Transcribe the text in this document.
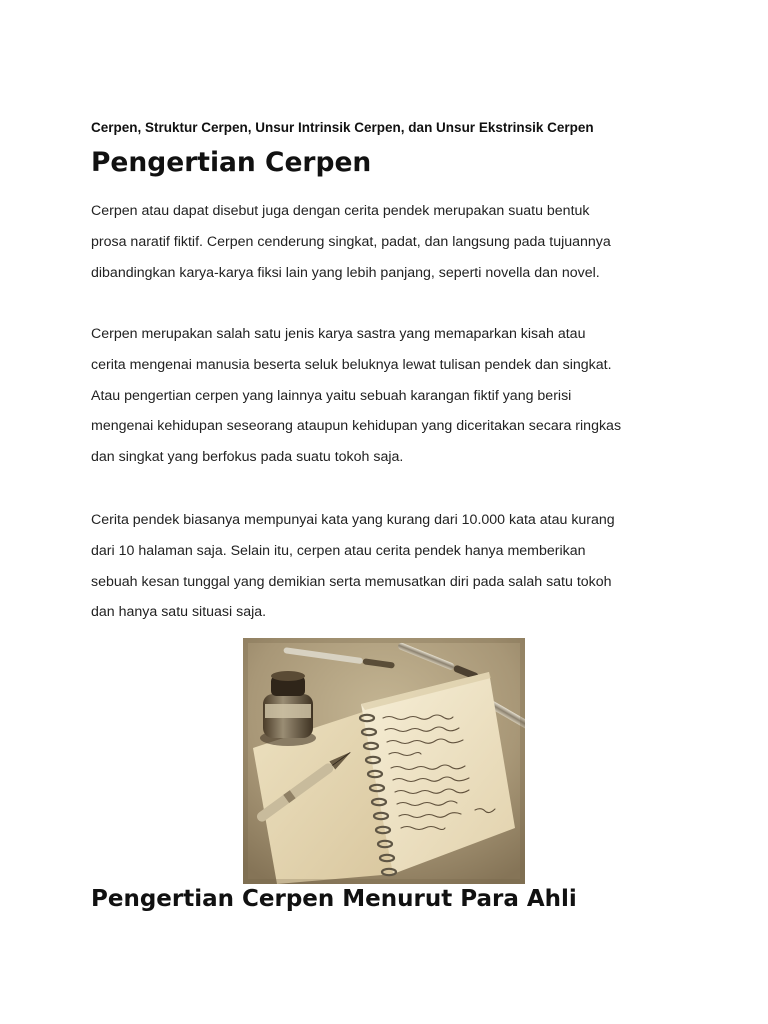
Cerpen, Struktur Cerpen, Unsur Intrinsik Cerpen, dan Unsur Ekstrinsik Cerpen
Pengertian Cerpen

Cerpen atau dapat disebut juga dengan cerita pendek merupakan suatu bentuk
prosa naratif fiktif. Cerpen cenderung singkat, padat, dan langsung pada tujuannya
dibandingkan karya-karya fiksi lain yang lebih panjang, seperti novella dan novel.

Cerpen merupakan salah satu jenis karya sastra yang memaparkan kisah atau
cerita mengenai manusia beserta seluk beluknya lewat tulisan pendek dan singkat.
Atau pengertian cerpen yang lainnya yaitu sebuah karangan fiktif yang berisi
mengenai kehidupan seseorang ataupun kehidupan yang diceritakan secara ringkas
dan singkat yang berfokus pada suatu tokoh saja.

Cerita pendek biasanya mempunyai kata yang kurang dari 10.000 kata atau kurang
dari 10 halaman saja. Selain itu, cerpen atau cerita pendek hanya memberikan
sebuah kesan tunggal yang demikian serta memusatkan diri pada salah satu tokoh
dan hanya satu situasi saja.

Pengertian Cerpen Menurut Para Ahli
